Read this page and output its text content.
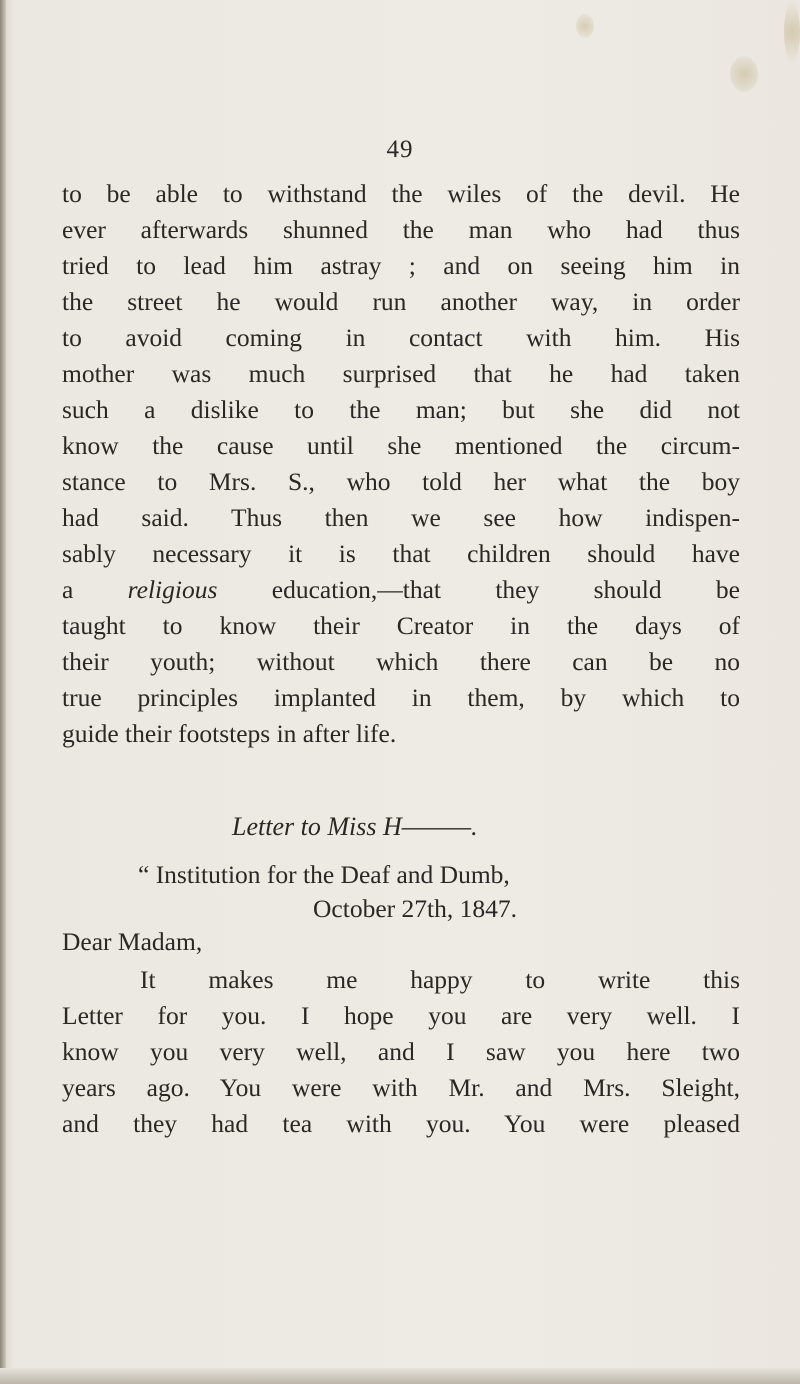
49
to be able to withstand the wiles of the devil. He
ever afterwards shunned the man who had thus
tried to lead him astray ; and on seeing him in
the street he would run another way, in order
to avoid coming in contact with him. His
mother was much surprised that he had taken
such a dislike to the man; but she did not
know the cause until she mentioned the circum-
stance to Mrs. S., who told her what the boy
had said. Thus then we see how indispen-
sably necessary it is that children should have
a religious education,—that they should be
taught to know their Creator in the days of
their youth; without which there can be no
true principles implanted in them, by which to
guide their footsteps in after life.
Letter to Miss H———.
“ Institution for the Deaf and Dumb,
October 27th, 1847.
Dear Madam,
It makes me happy to write this
Letter for you. I hope you are very well. I
know you very well, and I saw you here two
years ago. You were with Mr. and Mrs. Sleight,
and they had tea with you. You were pleased
